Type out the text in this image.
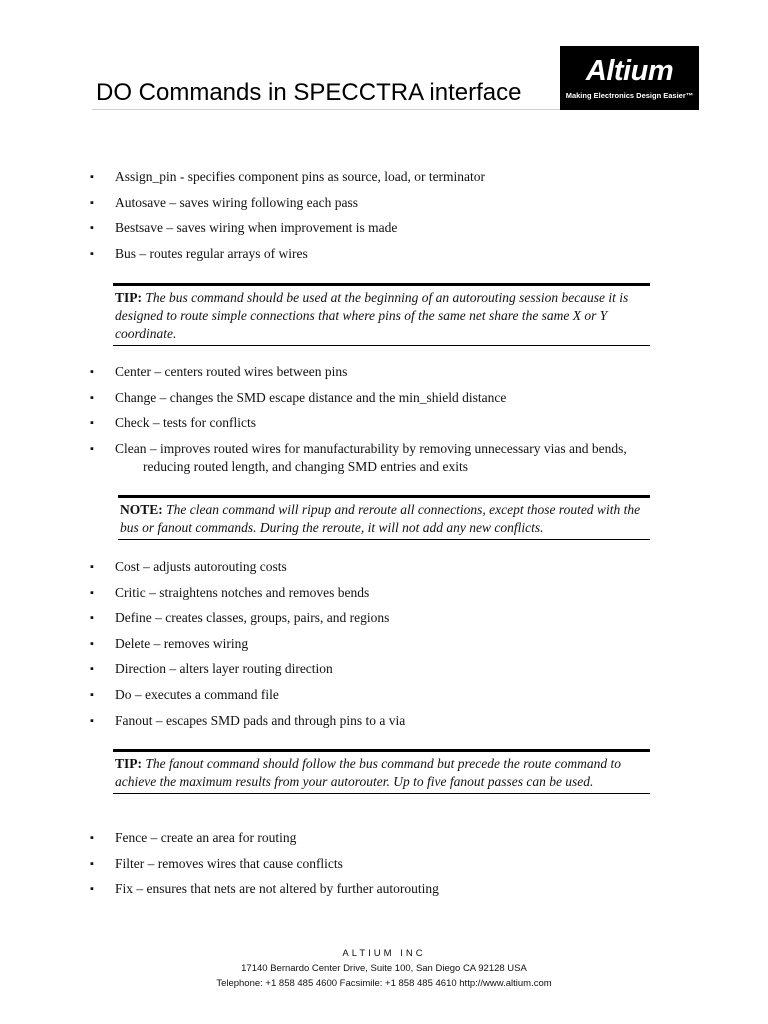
DO Commands in SPECCTRA interface
Altium
Making Electronics Design Easier™
▪ Assign_pin - specifies component pins as source, load, or terminator
▪ Autosave – saves wiring following each pass
▪ Bestsave – saves wiring when improvement is made
▪ Bus – routes regular arrays of wires
TIP: The bus command should be used at the beginning of an autorouting session because it is designed to route simple connections that where pins of the same net share the same X or Y coordinate.
▪ Center – centers routed wires between pins
▪ Change – changes the SMD escape distance and the min_shield distance
▪ Check – tests for conflicts
▪ Clean – improves routed wires for manufacturability by removing unnecessary vias and bends,
reducing routed length, and changing SMD entries and exits
NOTE: The clean command will ripup and reroute all connections, except those routed with the bus or fanout commands. During the reroute, it will not add any new conflicts.
▪ Cost – adjusts autorouting costs
▪ Critic – straightens notches and removes bends
▪ Define – creates classes, groups, pairs, and regions
▪ Delete – removes wiring
▪ Direction – alters layer routing direction
▪ Do – executes a command file
▪ Fanout – escapes SMD pads and through pins to a via
TIP: The fanout command should follow the bus command but precede the route command to achieve the maximum results from your autorouter. Up to five fanout passes can be used.
▪ Fence – create an area for routing
▪ Filter – removes wires that cause conflicts
▪ Fix – ensures that nets are not altered by further autorouting
ALTIUM INC
17140 Bernardo Center Drive, Suite 100, San Diego CA 92128 USA
Telephone: +1 858 485 4600 Facsimile: +1 858 485 4610 http://www.altium.com
